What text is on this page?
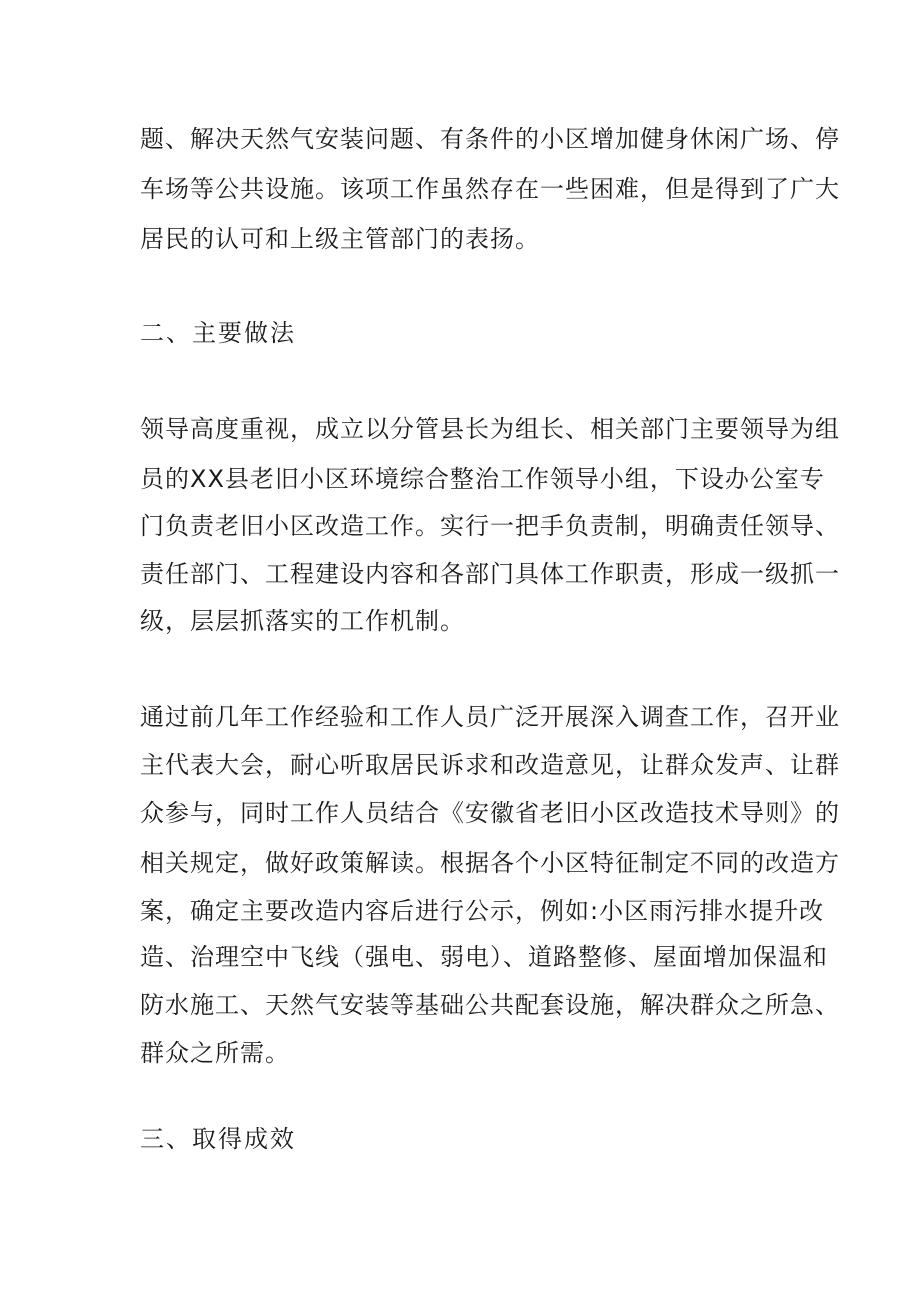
题、解决天然气安装问题、有条件的小区增加健身休闲广场、停
车场等公共设施。该项工作虽然存在一些困难，但是得到了广大
居民的认可和上级主管部门的表扬。
二、主要做法
领导高度重视，成立以分管县长为组长、相关部门主要领导为组
员的XX县老旧小区环境综合整治工作领导小组，下设办公室专
门负责老旧小区改造工作。实行一把手负责制，明确责任领导、
责任部门、工程建设内容和各部门具体工作职责，形成一级抓一
级，层层抓落实的工作机制。
通过前几年工作经验和工作人员广泛开展深入调查工作，召开业
主代表大会，耐心听取居民诉求和改造意见，让群众发声、让群
众参与，同时工作人员结合《安徽省老旧小区改造技术导则》的
相关规定，做好政策解读。根据各个小区特征制定不同的改造方
案，确定主要改造内容后进行公示，例如:小区雨污排水提升改
造、治理空中飞线（强电、弱电）、道路整修、屋面增加保温和
防水施工、天然气安装等基础公共配套设施，解决群众之所急、
群众之所需。
三、取得成效
